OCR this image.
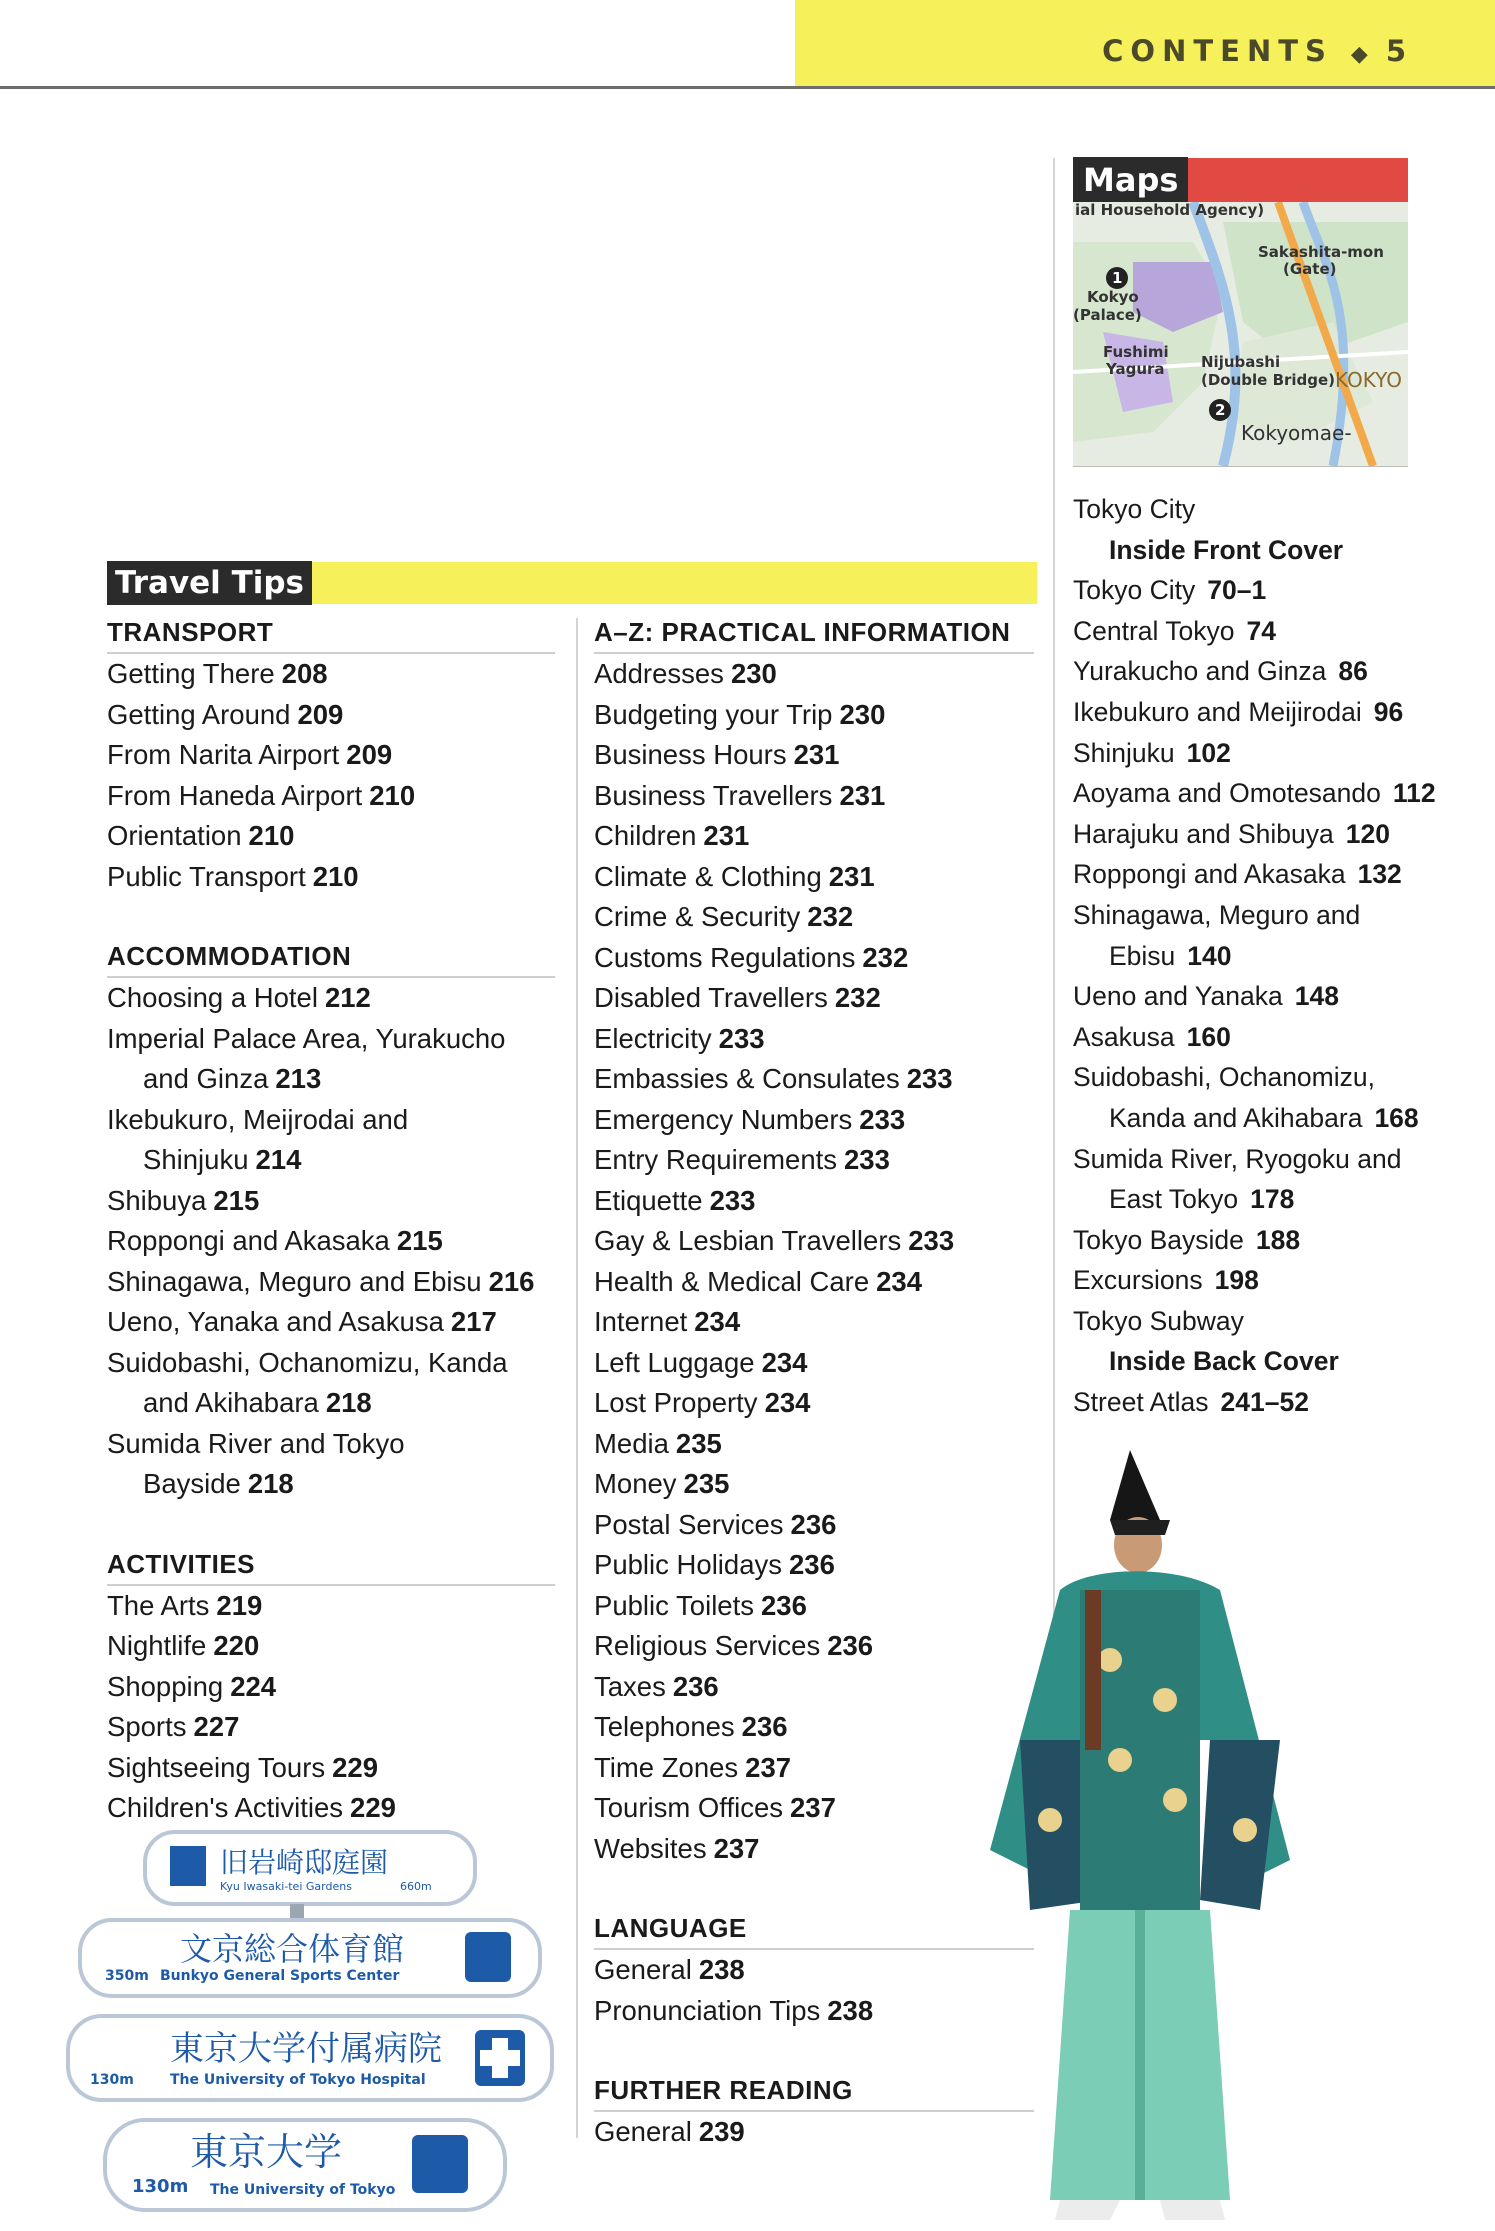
CONTENTS ◆ 5
Travel Tips
TRANSPORT
Getting There 208
Getting Around 209
From Narita Airport 209
From Haneda Airport 210
Orientation 210
Public Transport 210
ACCOMMODATION
Choosing a Hotel 212
Imperial Palace Area, Yurakucho and Ginza 213
Ikebukuro, Meijrodai and Shinjuku 214
Shibuya 215
Roppongi and Akasaka 215
Shinagawa, Meguro and Ebisu 216
Ueno, Yanaka and Asakusa 217
Suidobashi, Ochanomizu, Kanda and Akihabara 218
Sumida River and Tokyo Bayside 218
ACTIVITIES
The Arts 219
Nightlife 220
Shopping 224
Sports 227
Sightseeing Tours 229
Children's Activities 229
A–Z: PRACTICAL INFORMATION
Addresses 230
Budgeting your Trip 230
Business Hours 231
Business Travellers 231
Children 231
Climate & Clothing 231
Crime & Security 232
Customs Regulations 232
Disabled Travellers 232
Electricity 233
Embassies & Consulates 233
Emergency Numbers 233
Entry Requirements 233
Etiquette 233
Gay & Lesbian Travellers 233
Health & Medical Care 234
Internet 234
Left Luggage 234
Lost Property 234
Media 235
Money 235
Postal Services 236
Public Holidays 236
Public Toilets 236
Religious Services 236
Taxes 236
Telephones 236
Time Zones 237
Tourism Offices 237
Websites 237
LANGUAGE
General 238
Pronunciation Tips 238
FURTHER READING
General 239
Maps
ial Household Agency)
Sakashita-mon
(Gate)
1
Kokyo
(Palace)
Fushimi
Yagura Nijubashi
(Double Bridge) KOKYO
2
Kokyomae-
Tokyo City
Inside Front Cover
Tokyo City 70–1
Central Tokyo 74
Yurakucho and Ginza 86
Ikebukuro and Meijirodai 96
Shinjuku 102
Aoyama and Omotesando 112
Harajuku and Shibuya 120
Roppongi and Akasaka 132
Shinagawa, Meguro and
Ebisu 140
Ueno and Yanaka 148
Asakusa 160
Suidobashi, Ochanomizu,
Kanda and Akihabara 168
Sumida River, Ryogoku and
East Tokyo 178
Tokyo Bayside 188
Excursions 198
Tokyo Subway
Inside Back Cover
Street Atlas 241–52
旧岩崎邸庭園
Kyu Iwasaki-tei Gardens	660m
文京総合体育館
350m Bunkyo General Sports Center
東京大学付属病院
130m	The University of Tokyo Hospital
東京大学
130m The University of Tokyo
